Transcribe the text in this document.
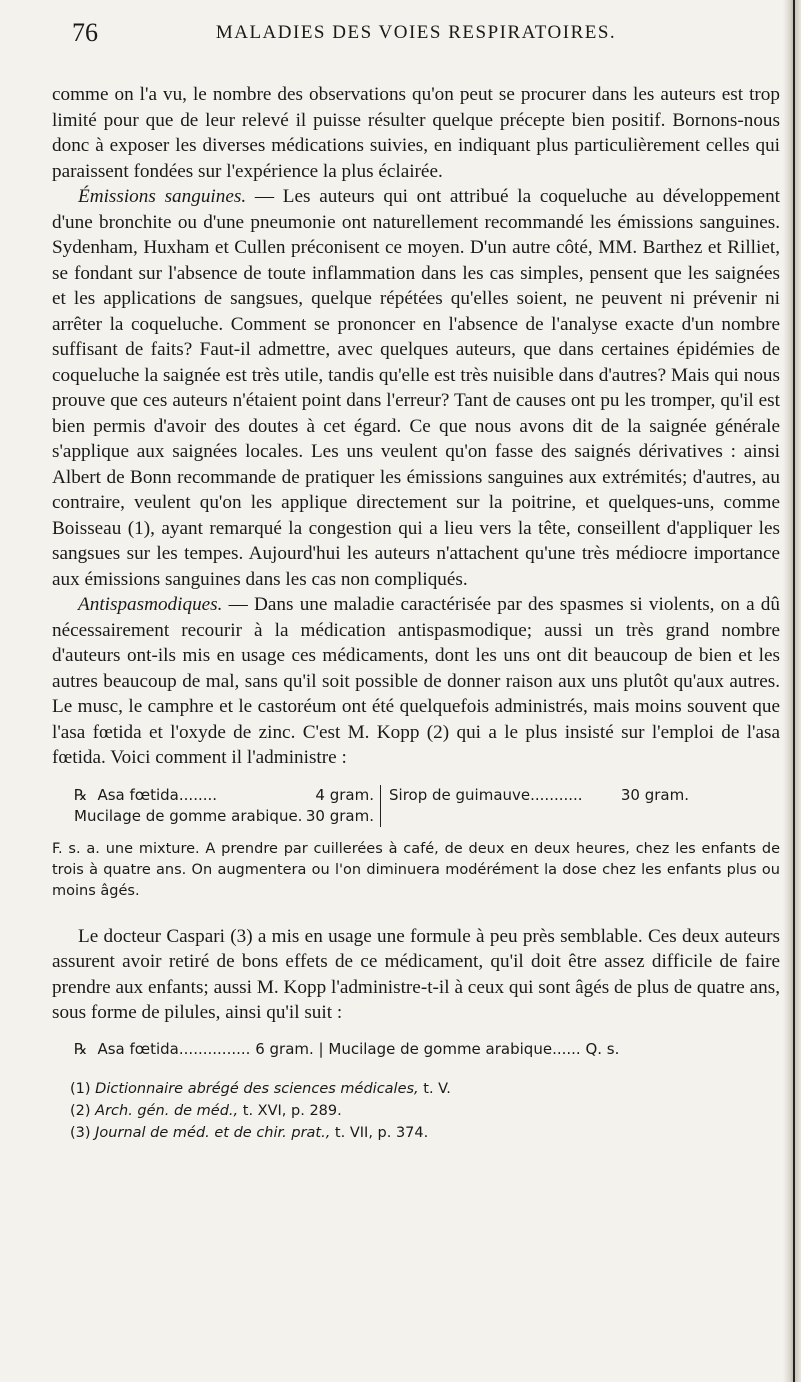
76	MALADIES DES VOIES RESPIRATOIRES.

comme on l'a vu, le nombre des observations qu'on peut se procurer dans les auteurs est trop limité pour que de leur relevé il puisse résulter quelque précepte bien positif. Bornons-nous donc à exposer les diverses médications suivies, en indiquant plus particulièrement celles qui paraissent fondées sur l'expérience la plus éclairée.

Émissions sanguines. — Les auteurs qui ont attribué la coqueluche au développement d'une bronchite ou d'une pneumonie ont naturellement recommandé les émissions sanguines. Sydenham, Huxham et Cullen préconisent ce moyen. D'un autre côté, MM. Barthez et Rilliet, se fondant sur l'absence de toute inflammation dans les cas simples, pensent que les saignées et les applications de sangsues, quelque répétées qu'elles soient, ne peuvent ni prévenir ni arrêter la coqueluche. Comment se prononcer en l'absence de l'analyse exacte d'un nombre suffisant de faits? Faut-il admettre, avec quelques auteurs, que dans certaines épidémies de coqueluche la saignée est très utile, tandis qu'elle est très nuisible dans d'autres? Mais qui nous prouve que ces auteurs n'étaient point dans l'erreur? Tant de causes ont pu les tromper, qu'il est bien permis d'avoir des doutes à cet égard. Ce que nous avons dit de la saignée générale s'applique aux saignées locales. Les uns veulent qu'on fasse des saignés dérivatives : ainsi Albert de Bonn recommande de pratiquer les émissions sanguines aux extrémités; d'autres, au contraire, veulent qu'on les applique directement sur la poitrine, et quelques-uns, comme Boisseau (1), ayant remarqué la congestion qui a lieu vers la tête, conseillent d'appliquer les sangsues sur les tempes. Aujourd'hui les auteurs n'attachent qu'une très médiocre importance aux émissions sanguines dans les cas non compliqués.

Antispasmodiques. — Dans une maladie caractérisée par des spasmes si violents, on a dû nécessairement recourir à la médication antispasmodique; aussi un très grand nombre d'auteurs ont-ils mis en usage ces médicaments, dont les uns ont dit beaucoup de bien et les autres beaucoup de mal, sans qu'il soit possible de donner raison aux uns plutôt qu'aux autres. Le musc, le camphre et le castoréum ont été quelquefois administrés, mais moins souvent que l'asa fœtida et l'oxyde de zinc. C'est M. Kopp (2) qui a le plus insisté sur l'emploi de l'asa fœtida. Voici comment il l'administre :

℞ Asa fœtida........	4 gram.
Mucilage de gomme arabique. 30 gram.
Sirop de guimauve...........	30 gram.
F. s. a. une mixture. A prendre par cuillerées à café, de deux en deux heures, chez les enfants de trois à quatre ans. On augmentera ou l'on diminuera modérément la dose chez les enfants plus ou moins âgés.

Le docteur Caspari (3) a mis en usage une formule à peu près semblable. Ces deux auteurs assurent avoir retiré de bons effets de ce médicament, qu'il doit être assez difficile de faire prendre aux enfants; aussi M. Kopp l'administre-t-il à ceux qui sont âgés de plus de quatre ans, sous forme de pilules, ainsi qu'il suit :

℞ Asa fœtida ...............
6 gram. | Mucilage de gomme arabique ......
Q. s.
(1) Dictionnaire abrégé des sciences médicales, t. V.
(2) Arch. gén. de méd., t. XVI, p. 289.
(3) Journal de méd. et de chir. prat., t. VII, p. 374.
